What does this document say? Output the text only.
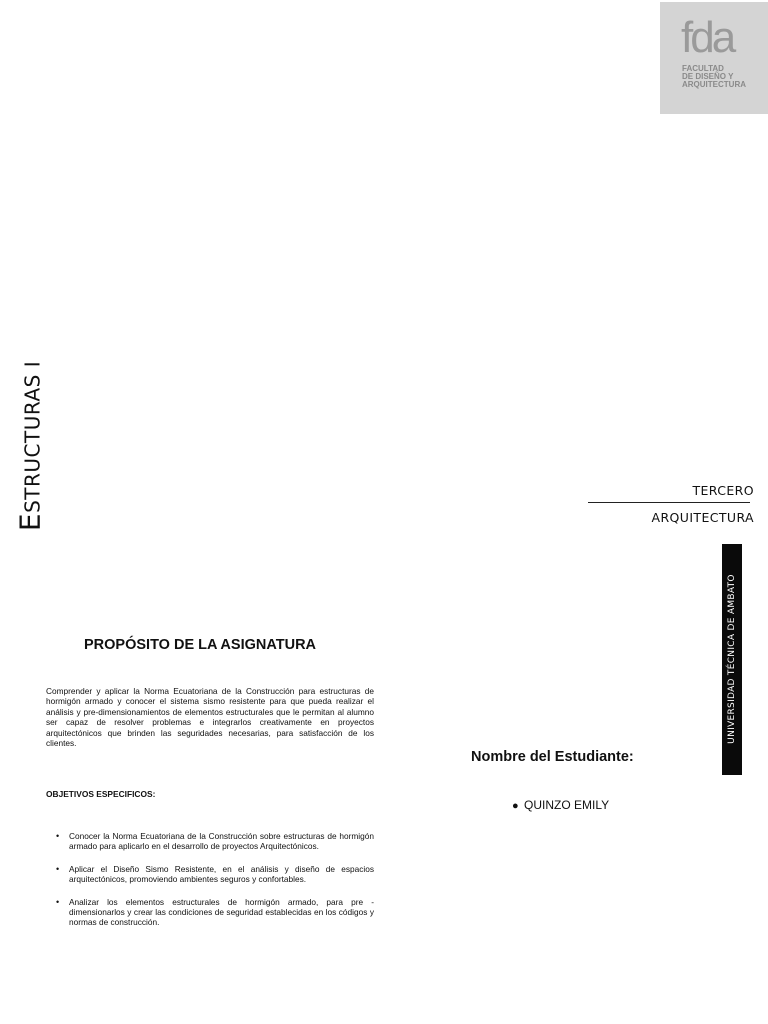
fda
FACULTAD
DE DISEÑO Y
ARQUITECTURA
ESTRUCTURAS I	TERCERO
ARQUITECTURA
UNIVERSIDAD TÉCNICA DE AMBATO
PROPÓSITO DE LA ASIGNATURA

Comprender y aplicar la Norma Ecuatoriana de la Construcción para estructuras de hormigón armado y conocer el sistema sismo resistente para que pueda realizar el análisis y pre-dimensionamientos de elementos estructurales que le permitan al alumno ser capaz de resolver problemas e integrarlos creativamente en proyectos arquitectónicos que brinden las seguridades necesarias, para satisfacción de los clientes.

OBJETIVOS ESPECIFICOS:
• Conocer la Norma Ecuatoriana de la Construcción sobre estructuras de hormigón armado para aplicarlo en el desarrollo de proyectos Arquitectónicos.
• Aplicar el Diseño Sismo Resistente, en el análisis y diseño de espacios arquitectónicos, promoviendo ambientes seguros y confortables.
• Analizar los elementos estructurales de hormigón armado, para pre - dimensionarlos y crear las condiciones de seguridad establecidas en los códigos y normas de construcción.
Nombre del Estudiante:
● QUINZO EMILY
